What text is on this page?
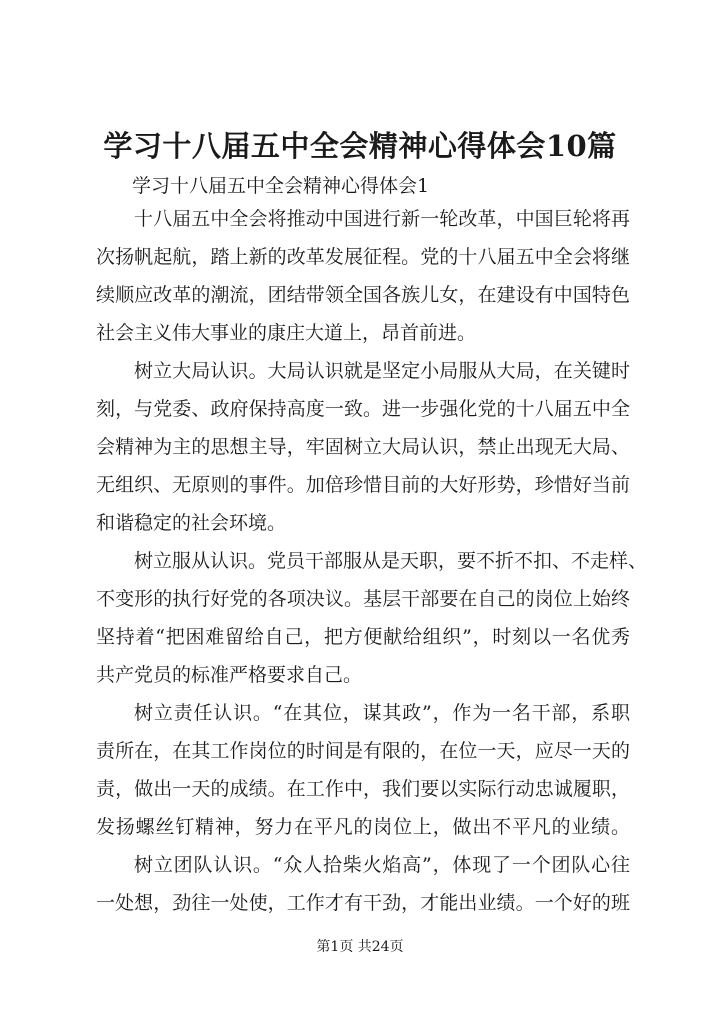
学习十八届五中全会精神心得体会10篇
学习十八届五中全会精神心得体会1
十八届五中全会将推动中国进行新一轮改革，中国巨轮将再
次扬帆起航，踏上新的改革发展征程。党的十八届五中全会将继
续顺应改革的潮流，团结带领全国各族儿女，在建设有中国特色
社会主义伟大事业的康庄大道上，昂首前进。
树立大局认识。大局认识就是坚定小局服从大局，在关键时
刻，与党委、政府保持高度一致。进一步强化党的十八届五中全
会精神为主的思想主导，牢固树立大局认识，禁止出现无大局、
无组织、无原则的事件。加倍珍惜目前的大好形势，珍惜好当前
和谐稳定的社会环境。
树立服从认识。党员干部服从是天职，要不折不扣、不走样、
不变形的执行好党的各项决议。基层干部要在自己的岗位上始终
坚持着“把困难留给自己，把方便献给组织”，时刻以一名优秀
共产党员的标准严格要求自己。
树立责任认识。“在其位，谋其政”，作为一名干部，系职
责所在，在其工作岗位的时间是有限的，在位一天，应尽一天的
责，做出一天的成绩。在工作中，我们要以实际行动忠诚履职，
发扬螺丝钉精神，努力在平凡的岗位上，做出不平凡的业绩。
树立团队认识。“众人拾柴火焰高”，体现了一个团队心往
一处想，劲往一处使，工作才有干劲，才能出业绩。一个好的班
第1页 共24页
